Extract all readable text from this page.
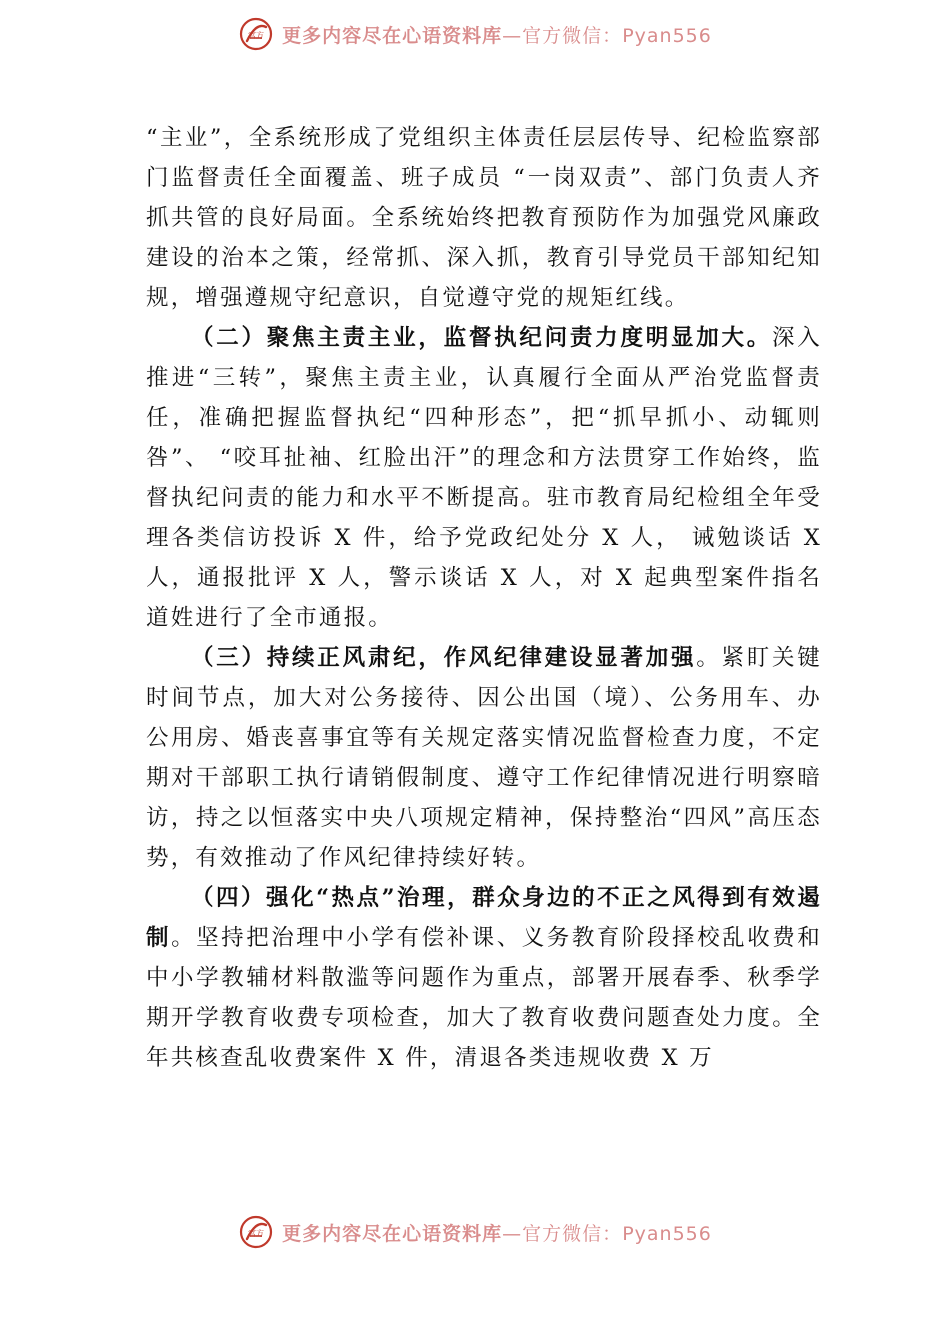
官方 更多内容尽在心语资料库—官方微信：Pyan556

“主业”，全系统形成了党组织主体责任层层传导、纪检监察部门监督责任全面覆盖、班子成员 “一岗双责”、部门负责人齐抓共管的良好局面。全系统始终把教育预防作为加强党风廉政建设的治本之策，经常抓、深入抓，教育引导党员干部知纪知规，增强遵规守纪意识，自觉遵守党的规矩红线。

（二）聚焦主责主业，监督执纪问责力度明显加大。深入推进“三转”，聚焦主责主业，认真履行全面从严治党监督责任，准确把握监督执纪“四种形态”，把“抓早抓小、动辄则咎”、 “咬耳扯袖、红脸出汗”的理念和方法贯穿工作始终，监督执纪问责的能力和水平不断提高。驻市教育局纪检组全年受理各类信访投诉 X 件，给予党政纪处分 X 人， 诫勉谈话 X 人，通报批评 X 人，警示谈话 X 人，对 X 起典型案件指名道姓进行了全市通报。

（三）持续正风肃纪，作风纪律建设显著加强。紧盯关键时间节点，加大对公务接待、因公出国（境）、公务用车、办公用房、婚丧喜事宜等有关规定落实情况监督检查力度，不定期对干部职工执行请销假制度、遵守工作纪律情况进行明察暗访，持之以恒落实中央八项规定精神，保持整治“四风”高压态势，有效推动了作风纪律持续好转。

（四）强化“热点”治理，群众身边的不正之风得到有效遏制。坚持把治理中小学有偿补课、义务教育阶段择校乱收费和中小学教辅材料散滥等问题作为重点，部署开展春季、秋季学期开学教育收费专项检查，加大了教育收费问题查处力度。全年共核查乱收费案件 X 件，清退各类违规收费 X 万

官方 更多内容尽在心语资料库—官方微信：Pyan556
